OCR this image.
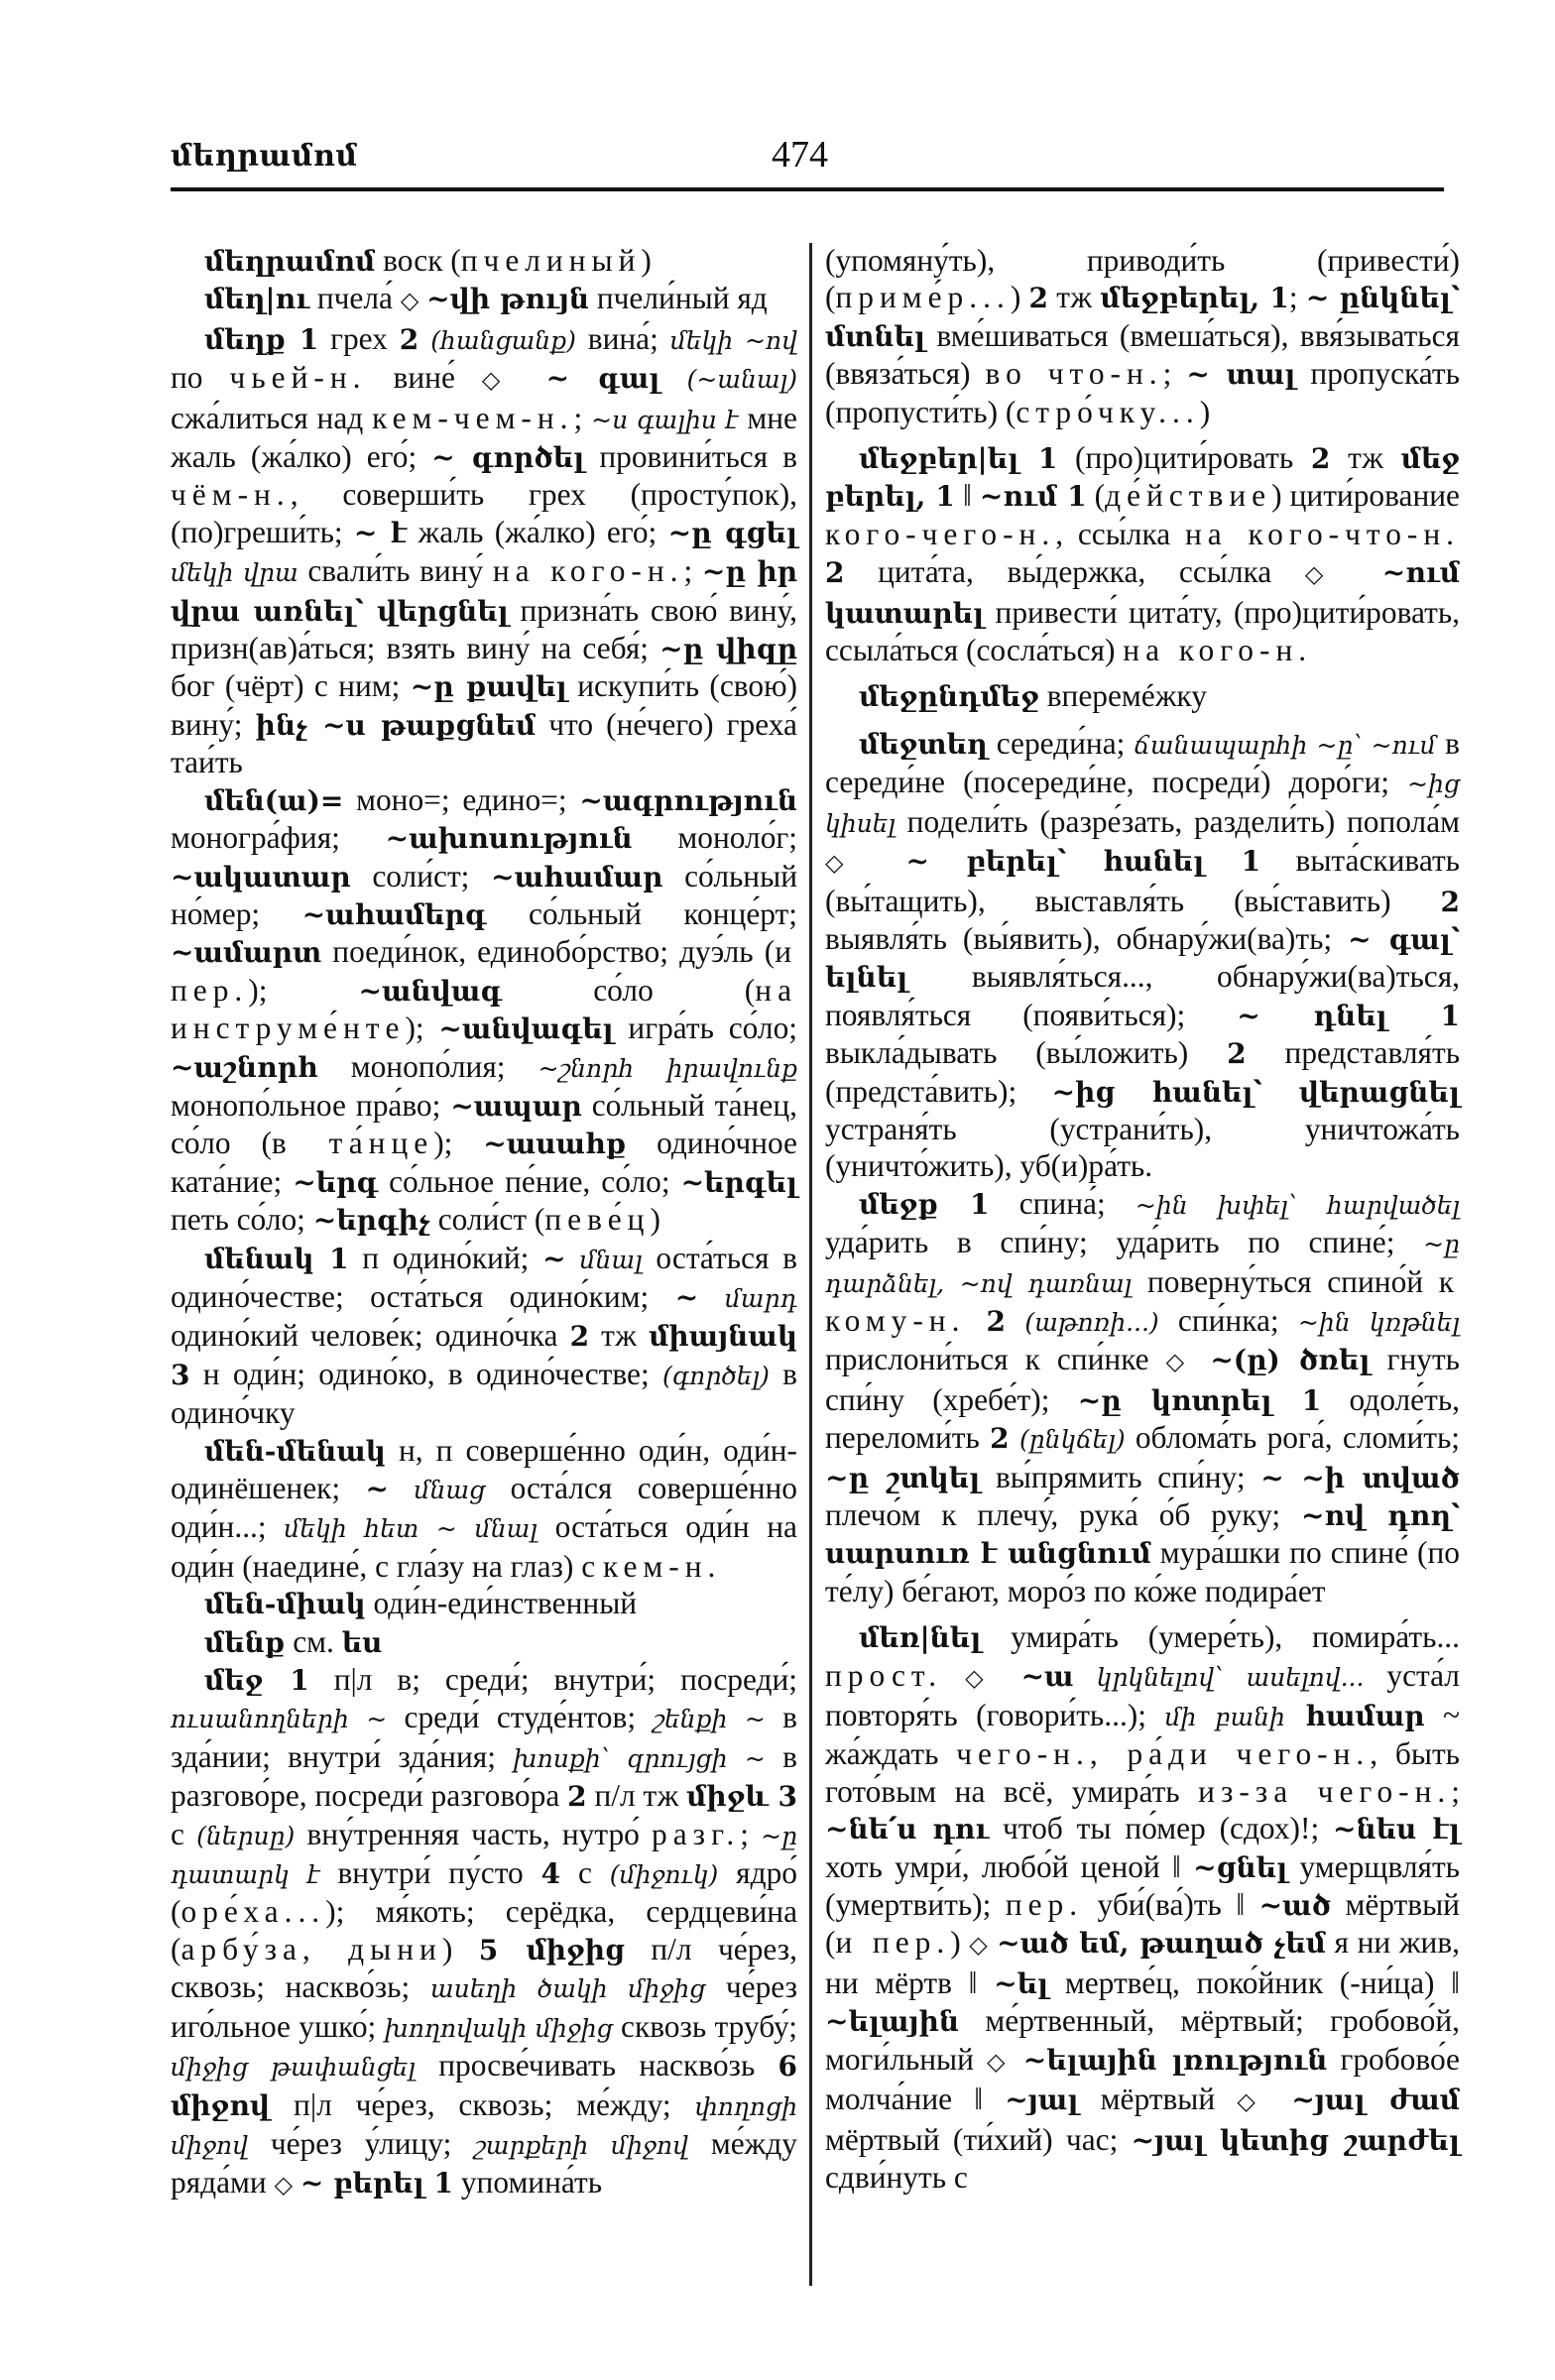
մեղրամոմ	474

մեղրամոմ воск (пчелиный)

մեղ|ու пчела́ ◇ ~վի թույն пчели́ный яд

մեղք 1 грех 2 (հանցանք) вина́; մեկի ~ով по чьей-н. вине́ ◇ ~ գալ (~անալ) сжа́литься над кем-чем-н.; ~ս գալիս է мне жаль (жа́лко) его́; ~ գործել провини́ться в чём-н., соверши́ть грех (просту́пок), (по)греши́ть; ~ է жаль (жа́лко) его́; ~ը գցել մեկի վրա свали́ть вину́ на кого-н.; ~ը իր վրա առնել՝ վերցնել призна́ть свою́ вину́, призн(ав)а́ться; взять вину́ на себя́; ~ը վիզը бог (чёрт) с ним; ~ը քավել искупи́ть (свою́) вину́; ինչ ~ս թաքցնեմ что (не́чего) греха́ таи́ть

մեն(ա)= моно=; едино=; ~ագրություն моногра́фия; ~ախոսություն моноло́г; ~ակատար соли́ст; ~ահամար со́льный но́мер; ~ահամերգ со́льный конце́рт; ~ամարտ поеди́нок, единобо́рство; дуэ́ль (и пер.); ~անվագ со́ло (на инструме́нте); ~անվագել игра́ть со́ло; ~աշնորհ монопо́лия; ~շնորհ իրավունք монопо́льное пра́во; ~ապար со́льный та́нец, со́ло (в та́нце); ~ասահք одино́чное ката́ние; ~երգ со́льное пе́ние, со́ло; ~երգել петь со́ло; ~երգիչ соли́ст (певе́ц)

մենակ 1 п одино́кий; ~ մնալ оста́ться в одино́честве; оста́ться одино́ким; ~ մարդ одино́кий челове́к; одино́чка 2 тж միայնակ 3 н оди́н; одино́ко, в одино́честве; (գործել) в одино́чку

մեն-մենակ н, п соверше́нно оди́н, оди́н-одинёшенек; ~ մնաց оста́лся соверше́нно оди́н...; մեկի հետ ~ մնալ оста́ться оди́н на оди́н (наедине́, с гла́зу на глаз) с кем-н.

մեն-միակ оди́н-еди́нственный

մենք см. ես

մեջ 1 п|л в; среди́; внутри́; посреди́; ուսանողների ~ среди́ студе́нтов; շենքի ~ в зда́нии; внутри́ зда́ния; խոսքի՝ զրույցի ~ в разгово́ре, посреди́ разгово́ра 2 п/л тж միջև 3 с (ներսը) вну́тренняя часть, нутро́ разг.; ~ը դատարկ է внутри́ пу́сто 4 с (միջուկ) ядро́ (оре́ха...); мя́коть; серёдка, сердцеви́на (арбу́за, дыни) 5 միջից п/л че́рез, сквозь; наскво́зь; ասեղի ծակի միջից че́рез иго́льное ушко́; խողովակի միջից сквозь трубу́; միջից թափանցել просве́чивать наскво́зь 6 միջով п|л че́рез, сквозь; ме́жду; փողոցի միջով че́рез у́лицу; շարքերի միջով ме́жду ряда́ми ◇ ~ բերել 1 упомина́ть

(упомяну́ть), приводи́ть (привести́) (приме́р...) 2 тж մեջբերել, 1; ~ ընկնել՝ մտնել вме́шиваться (вмеша́ться), ввя́зываться (ввяза́ться) во что-н.; ~ տալ пропуска́ть (пропусти́ть) (стро́чку...)

մեջբեր|ել 1 (про)цити́ровать 2 тж մեջ բերել, 1 ‖ ~ում 1 (де́йствие) цити́рование кого-чего-н., ссы́лка на кого-что-н. 2 цита́та, вы́держка, ссы́лка ◇ ~ում կատարել привести́ цита́ту, (про)цити́ровать, ссыла́ться (сосла́ться) на кого-н.

մեջընդմեջ вперемéжку

մեջտեղ середи́на; ճանապարհի ~ը՝ ~ում в середи́не (посереди́не, посреди́) доро́ги; ~ից կիսել подели́ть (разре́зать, раздели́ть) попола́м ◇ ~ բերել՝ հանել 1 выта́скивать (вы́тащить), выставля́ть (вы́ставить) 2 выявля́ть (вы́явить), обнару́жи(ва)ть; ~ գալ՝ ելնել выявля́ться..., обнару́жи(ва)ться, появля́ться (появи́ться); ~ դնել 1 выкла́дывать (вы́ложить) 2 представля́ть (предста́вить); ~ից հանել՝ վերացնել устраня́ть (устрани́ть), уничтожа́ть (уничто́жить), уб(и)ра́ть.

մեջք 1 спина́; ~ին խփել՝ հարվածել уда́рить в спи́ну; уда́рить по спине́; ~ը դարձնել, ~ով դառնալ поверну́ться спино́й к кому-н. 2 (աթոռի...) спи́нка; ~ին կռթնել прислони́ться к спи́нке ◇ ~(ը) ծռել гнуть спи́ну (хребе́т); ~ը կոտրել 1 одоле́ть, переломи́ть 2 (ընկճել) oблома́ть рога́, сломи́ть; ~ը շտկել вы́прямить спи́ну; ~ ~ի տված плечо́м к плечу́, рука́ о́б руку; ~ով դող՝ սարսուռ է անցնում мура́шки по спине́ (по те́лу) бе́гают, моро́з по ко́же подира́ет

մեռ|նել умира́ть (умере́ть), помира́ть... прост. ◇ ~ա կրկնելով՝ ասելով... уста́л повторя́ть (говори́ть...); մի բանի համար ~ жа́ждать чего-н., ра́ди чего-н., быть гото́вым на всё, умира́ть из-за чего-н.; ~նե՛ս դու чтоб ты по́мер (сдох)!; ~նես էլ хоть умри́, любо́й ценой ‖ ~ցնել умерщвля́ть (умертви́ть); пер. уби́(ва́)ть ‖ ~ած мёртвый (и пер.) ◇ ~ած եմ, թաղած չեմ я ни жив, ни мёртв ‖ ~ել мертве́ц, поко́йник (-ни́ца) ‖ ~ելային ме́ртвенный, мёртвый; гробово́й, моги́льный ◇ ~ելային լռություն гробово́е молча́ние ‖ ~յալ мёртвый ◇ ~յալ ժամ мёртвый (ти́хий) час; ~յալ կետից շարժել сдви́нуть с
